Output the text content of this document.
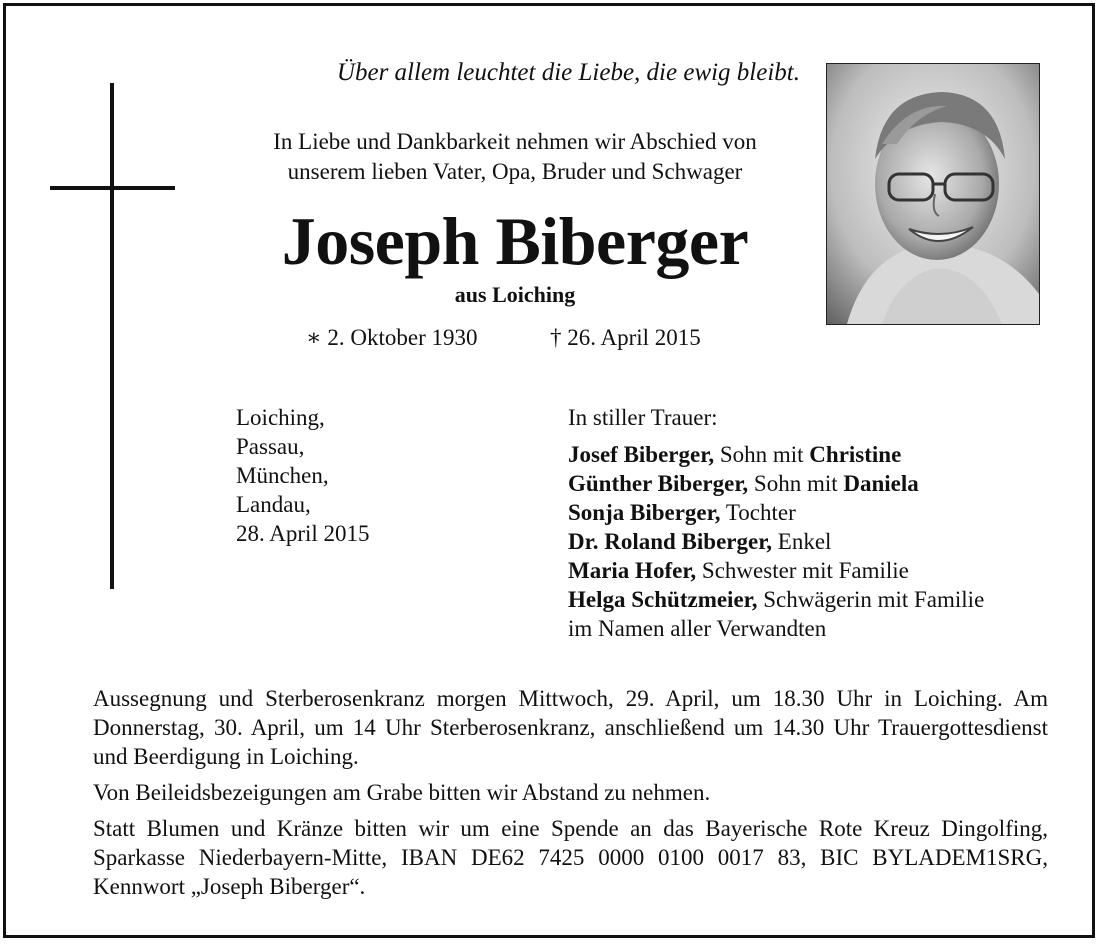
Über allem leuchtet die Liebe, die ewig bleibt.
In Liebe und Dankbarkeit nehmen wir Abschied von
unserem lieben Vater, Opa, Bruder und Schwager
Joseph Biberger
aus Loiching
∗ 2. Oktober 1930	† 26. April 2015
Loiching,
Passau,
München,
Landau,
28. April 2015
In stiller Trauer:
Josef Biberger, Sohn mit Christine
Günther Biberger, Sohn mit Daniela
Sonja Biberger, Tochter
Dr. Roland Biberger, Enkel
Maria Hofer, Schwester mit Familie
Helga Schützmeier, Schwägerin mit Familie
im Namen aller Verwandten

Aussegnung und Sterberosenkranz morgen Mittwoch, 29. April, um 18.30 Uhr in Loiching. Am Donnerstag, 30. April, um 14 Uhr Sterberosenkranz, anschließend um 14.30 Uhr Trauergottesdienst und Beerdigung in Loiching.

Von Beileidsbezeigungen am Grabe bitten wir Abstand zu nehmen.

Statt Blumen und Kränze bitten wir um eine Spende an das Bayerische Rote Kreuz Dingolfing, Sparkasse Niederbayern-Mitte, IBAN DE62 7425 0000 0100 0017 83, BIC BYLADEM1SRG, Kennwort „Joseph Biberger“.
